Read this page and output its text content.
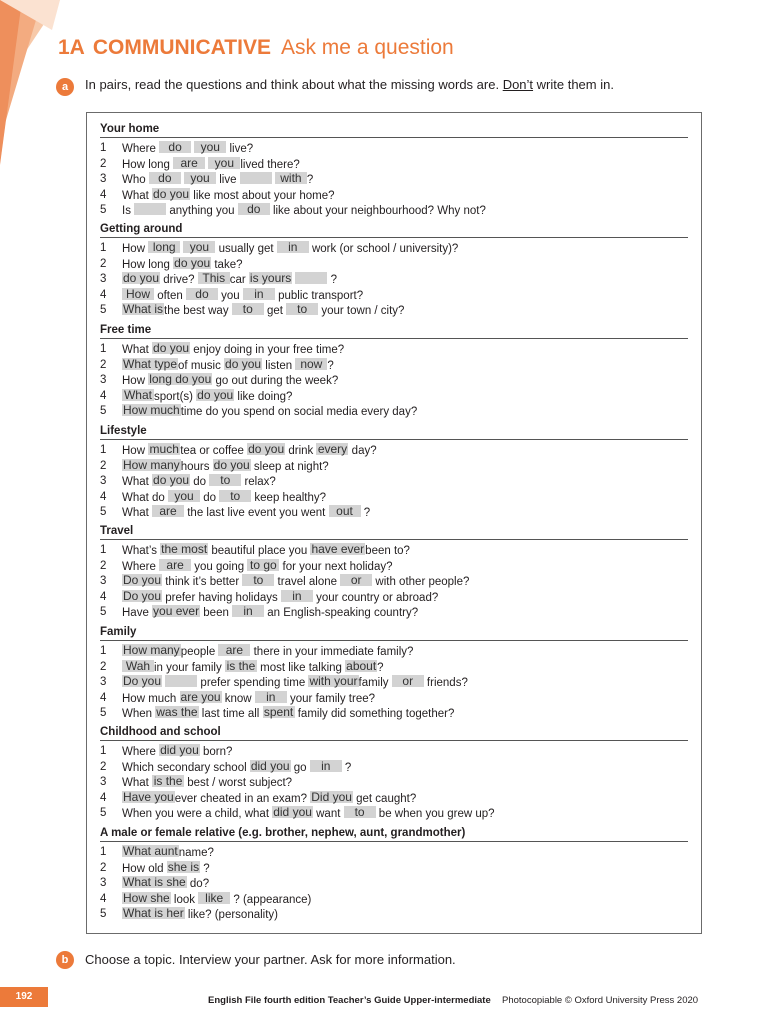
1A COMMUNICATIVE Ask me a question
a	In pairs, read the questions and think about what the missing words are. Don’t write them in.
Your home
1	Where do you live?
2	How long are you lived there?
3	Who do you live	with ?
4	What do you like most about your home?
5	Is	anything you do like about your neighbourhood? Why not?
Getting around
1	How long you usually get in work (or school / university)?
2	How long do you take?
3	do you drive? This car is yours	?
4	How often do you in public transport?
5	What isthe best way to get to your town / city?
Free time
1	What do you enjoy doing in your free time?
2	What typeof music do you listen now ?
3	How long do you go out during the week?
4	What sport(s) do you like doing?
5	How muchtime do you spend on social media every day?
Lifestyle
1	How muchtea or coffee do you drink every day?
2	How manyhours do you sleep at night?
3	What do you do to relax?
4	What do you do to keep healthy?
5	What are the last live event you went out ?
Travel
1	What’s the most beautiful place you have everbeen to?
2	Where are you going to go for your next holiday?
3	Do you think it’s better to travel alone or with other people?
4	Do you prefer having holidays in your country or abroad?
5	Have you ever been in an English-speaking country?
Family
1	How manypeople are there in your immediate family?
2	Wah in your family is the most like talking about?
3	Do you	prefer spending time with yourfamily or friends?
4	How much are you know in your family tree?
5	When was the last time all spent family did something together?
Childhood and school
1	Where did you born?
2	Which secondary school did you go in ?
3	What is the best / worst subject?
4	Have youever cheated in an exam? Did you get caught?
5	When you were a child, what did you want to be when you grew up?
A male or female relative (e.g. brother, nephew, aunt, grandmother)
1	What auntname?
2	How old she is ?
3	What is she do?
4	How she look like ? (appearance)
5	What is her like? (personality)
b	Choose a topic. Interview your partner. Ask for more information.
192	English File fourth edition Teacher’s Guide Upper-intermediate Photocopiable © Oxford University Press 2020
